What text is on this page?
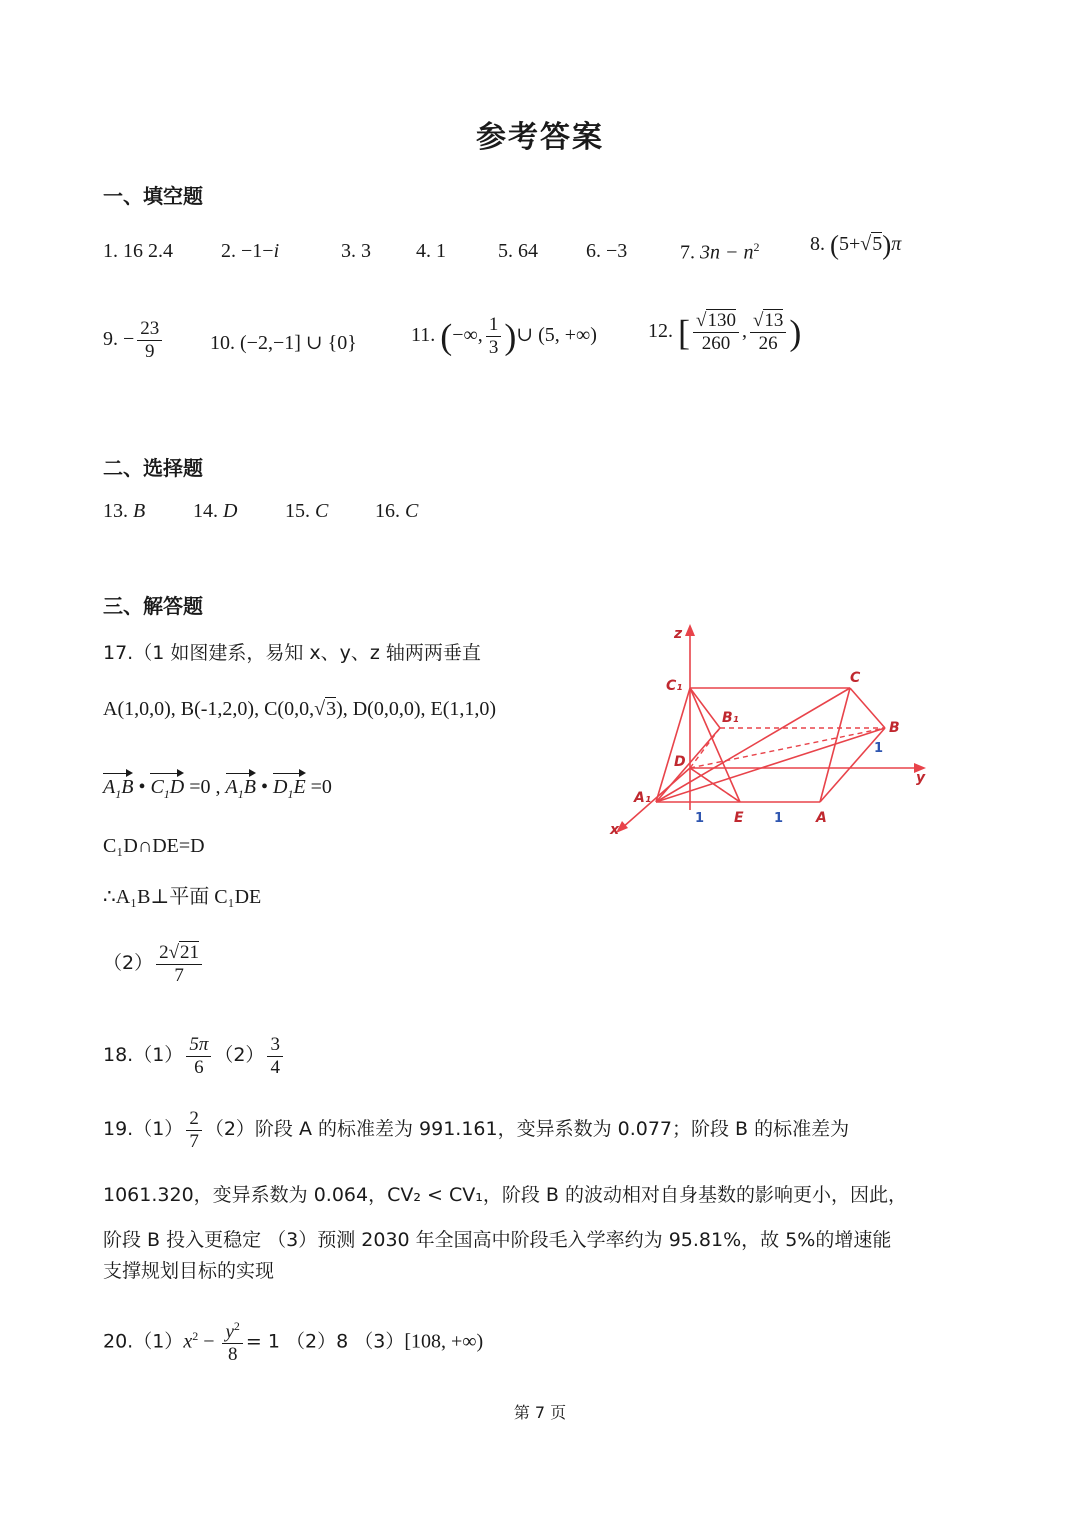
参考答案
一、填空题
1. 16 2.4 2. −1−i	3. 3 4. 1	5. 64 6. −3	7. $3n - n^2$	8. (5+√5)π
9. − $\frac{23}{9} 10$. (−2,−1] ∪ {0}	11. (−∞, $\frac{1}{3}$ )∪ (5, +∞)	12. [ $\frac{√130}{260}$ , $\frac{√13}{26}$ )
二、选择题
13. B 14. D 15. C 16. C
三、解答题
17.（1 如图建系，易知 x、y、z 轴两两垂直
A(1,0,0), B(-1,2,0), C(0,0,√3), D(0,0,0), E(1,1,0)
$A_1B$ • $C_1D =0$ , $A_1B$ • $D_1E =0$
C₁D∩DE=D
∴A₁B⊥平面 C₁DE
$(2) \frac{2√21}{7}$
z
C₁	C
B₁
B
D
y
A₁
x
E	A
1	1
1
$18.(1) \frac{5\pi}{6} (2) \frac{3}{4}$
$19.(1) \frac{2}{7} (2)$阶段 A 的标准差为 991.161，变异系数为 0.077；阶段 B 的标准差为
1061.320，变异系数为 0.064，CV₂ < CV₁，阶段 B 的波动相对自身基数的影响更小，因此，
阶段 B 投入更稳定 （3）预测 2030 年全国高中阶段毛入学率约为 95.81%，故 5%的增速能
支撑规划目标的实现
$20.(1)x^2 - \frac{y^2}{8} = 1$ （2）8 （3）[108, +∞)
第 7 页
